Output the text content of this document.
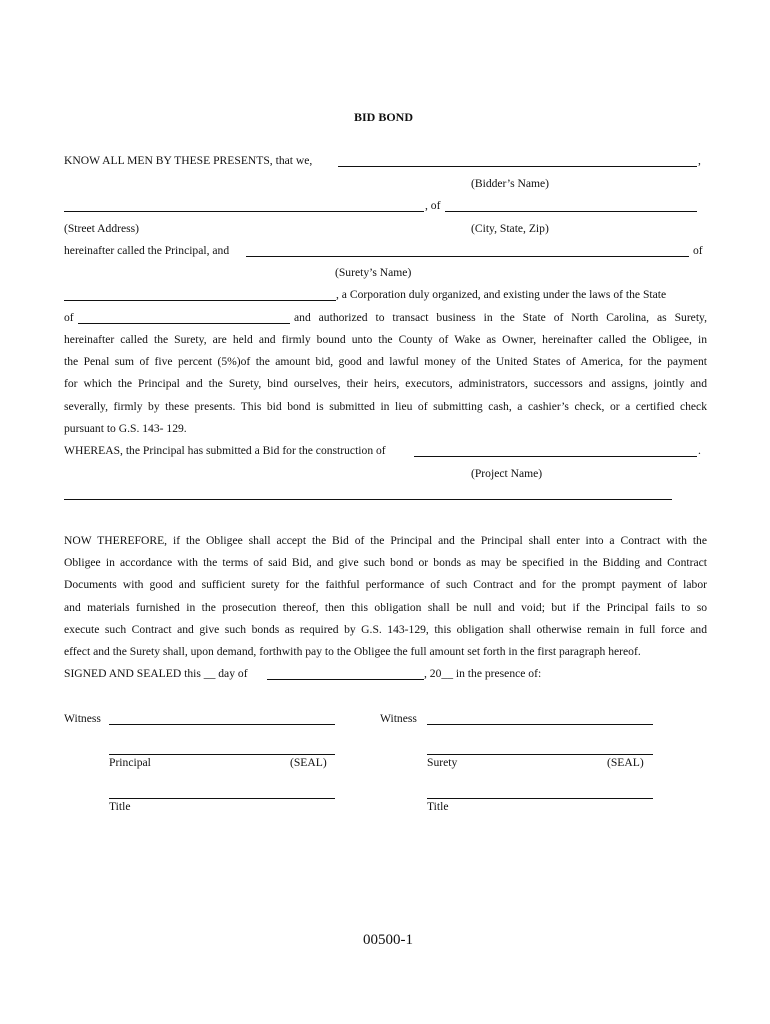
BID BOND
KNOW ALL MEN BY THESE PRESENTS, that we,	,
(Bidder’s Name)
, of
(Street Address)	(City, State, Zip)
hereinafter called the Principal, and	of
(Surety’s Name)
, a Corporation duly organized, and existing under the laws of the State
of	and authorized to transact business in the State of North Carolina, as Surety,
hereinafter called the Surety, are held and firmly bound unto the County of Wake as Owner, hereinafter called the Obligee, in
the Penal sum of five percent (5%)of the amount bid, good and lawful money of the United States of America, for the payment
for which the Principal and the Surety, bind ourselves, their heirs, executors, administrators, successors and assigns, jointly and
severally, firmly by these presents. This bid bond is submitted in lieu of submitting cash, a cashier’s check, or a certified check
pursuant to G.S. 143- 129.
WHEREAS, the Principal has submitted a Bid for the construction of	.
(Project Name)
NOW THEREFORE, if the Obligee shall accept the Bid of the Principal and the Principal shall enter into a Contract with the
Obligee in accordance with the terms of said Bid, and give such bond or bonds as may be specified in the Bidding and Contract
Documents with good and sufficient surety for the faithful performance of such Contract and for the prompt payment of labor
and materials furnished in the prosecution thereof, then this obligation shall be null and void; but if the Principal fails to so
execute such Contract and give such bonds as required by G.S. 143-129, this obligation shall otherwise remain in full force and
effect and the Surety shall, upon demand, forthwith pay to the Obligee the full amount set forth in the first paragraph hereof.
SIGNED AND SEALED this __ day of	, 20__ in the presence of:
Witness	Witness
Principal	(SEAL)	Surety	(SEAL)
Title	Title
00500-1
